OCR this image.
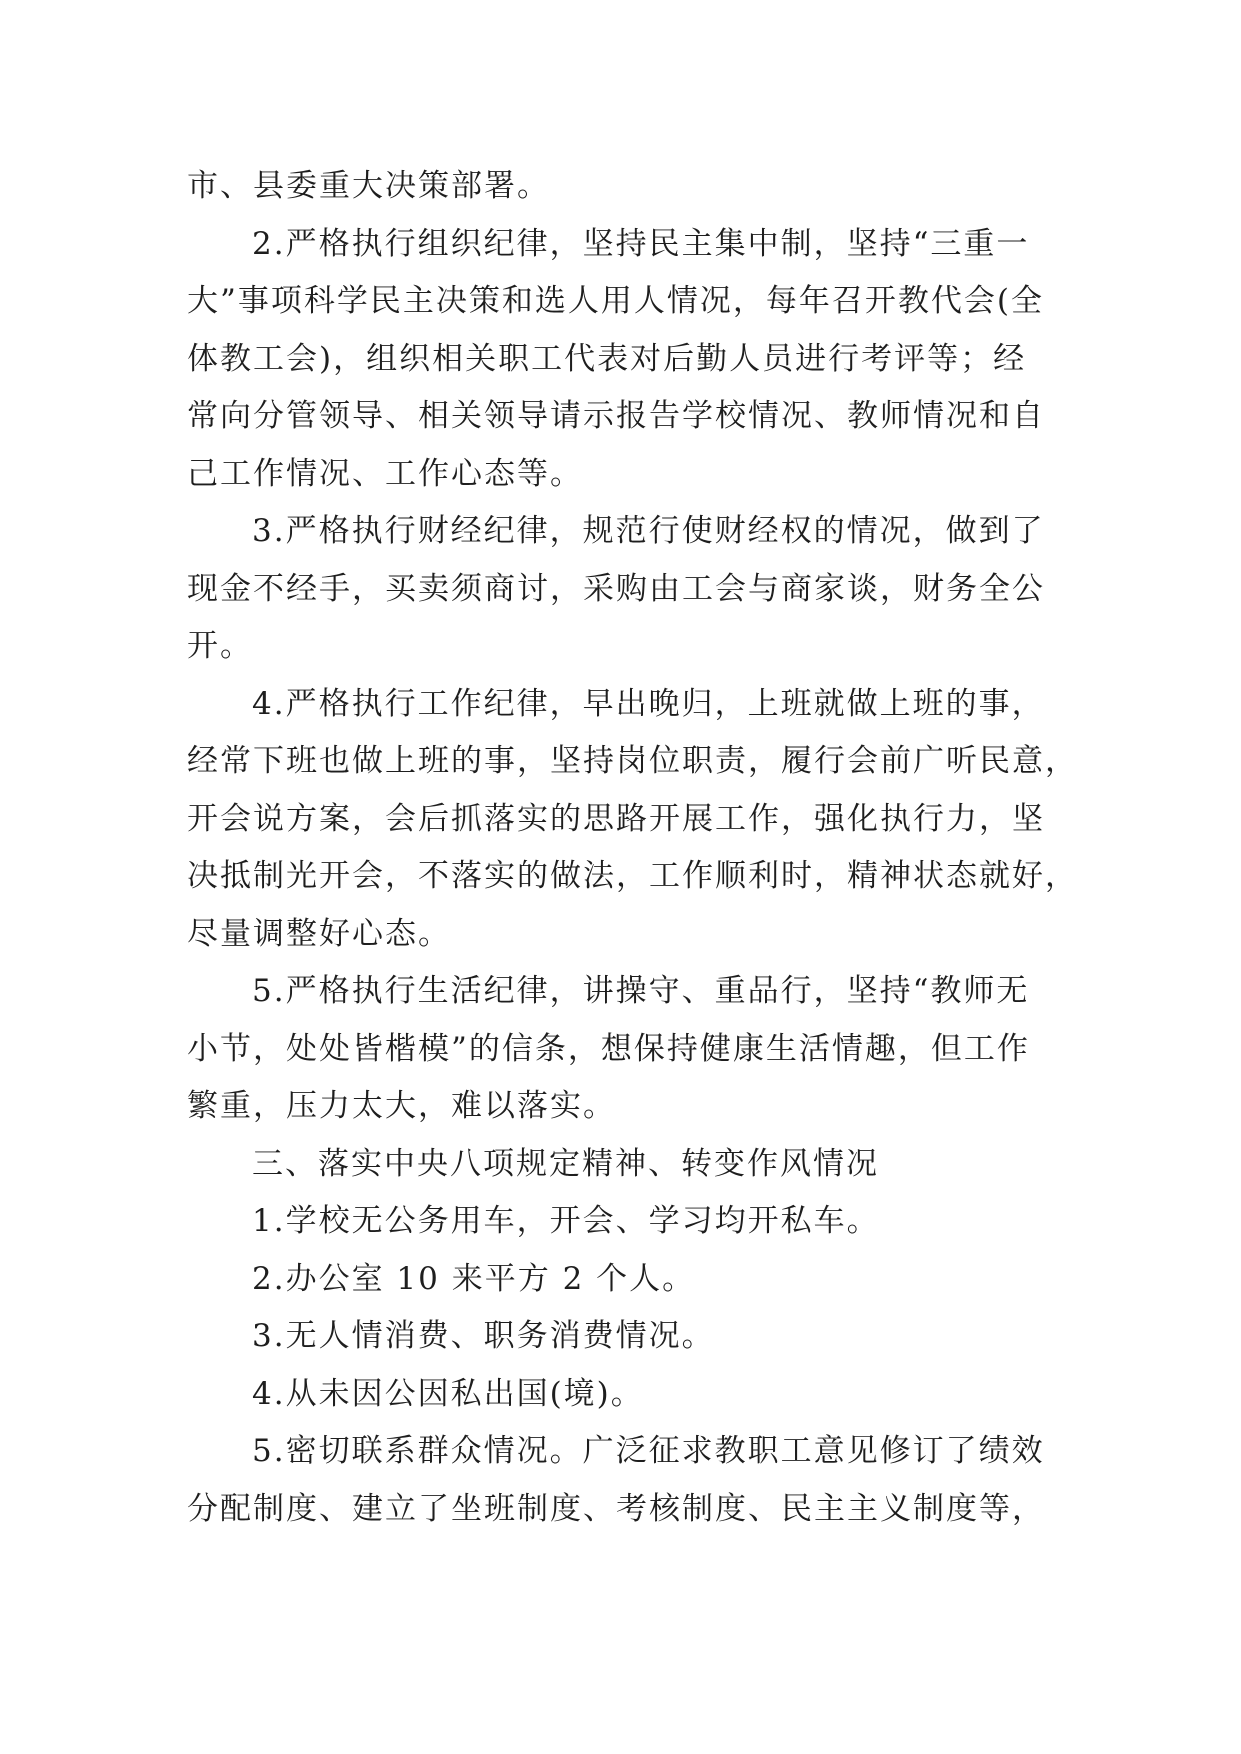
市、县委重大决策部署。
2.严格执行组织纪律，坚持民主集中制，坚持“三重一
大”事项科学民主决策和选人用人情况，每年召开教代会(全
体教工会)，组织相关职工代表对后勤人员进行考评等；经
常向分管领导、相关领导请示报告学校情况、教师情况和自
己工作情况、工作心态等。
3.严格执行财经纪律，规范行使财经权的情况，做到了
现金不经手，买卖须商讨，采购由工会与商家谈，财务全公
开。
4.严格执行工作纪律，早出晚归，上班就做上班的事，
经常下班也做上班的事，坚持岗位职责，履行会前广听民意，
开会说方案，会后抓落实的思路开展工作，强化执行力，坚
决抵制光开会，不落实的做法，工作顺利时，精神状态就好，
尽量调整好心态。
5.严格执行生活纪律，讲操守、重品行，坚持“教师无
小节，处处皆楷模”的信条，想保持健康生活情趣，但工作
繁重，压力太大，难以落实。
三、落实中央八项规定精神、转变作风情况
1.学校无公务用车，开会、学习均开私车。
2.办公室 10 来平方 2 个人。
3.无人情消费、职务消费情况。
4.从未因公因私出国(境)。
5.密切联系群众情况。广泛征求教职工意见修订了绩效
分配制度、建立了坐班制度、考核制度、民主主义制度等，
